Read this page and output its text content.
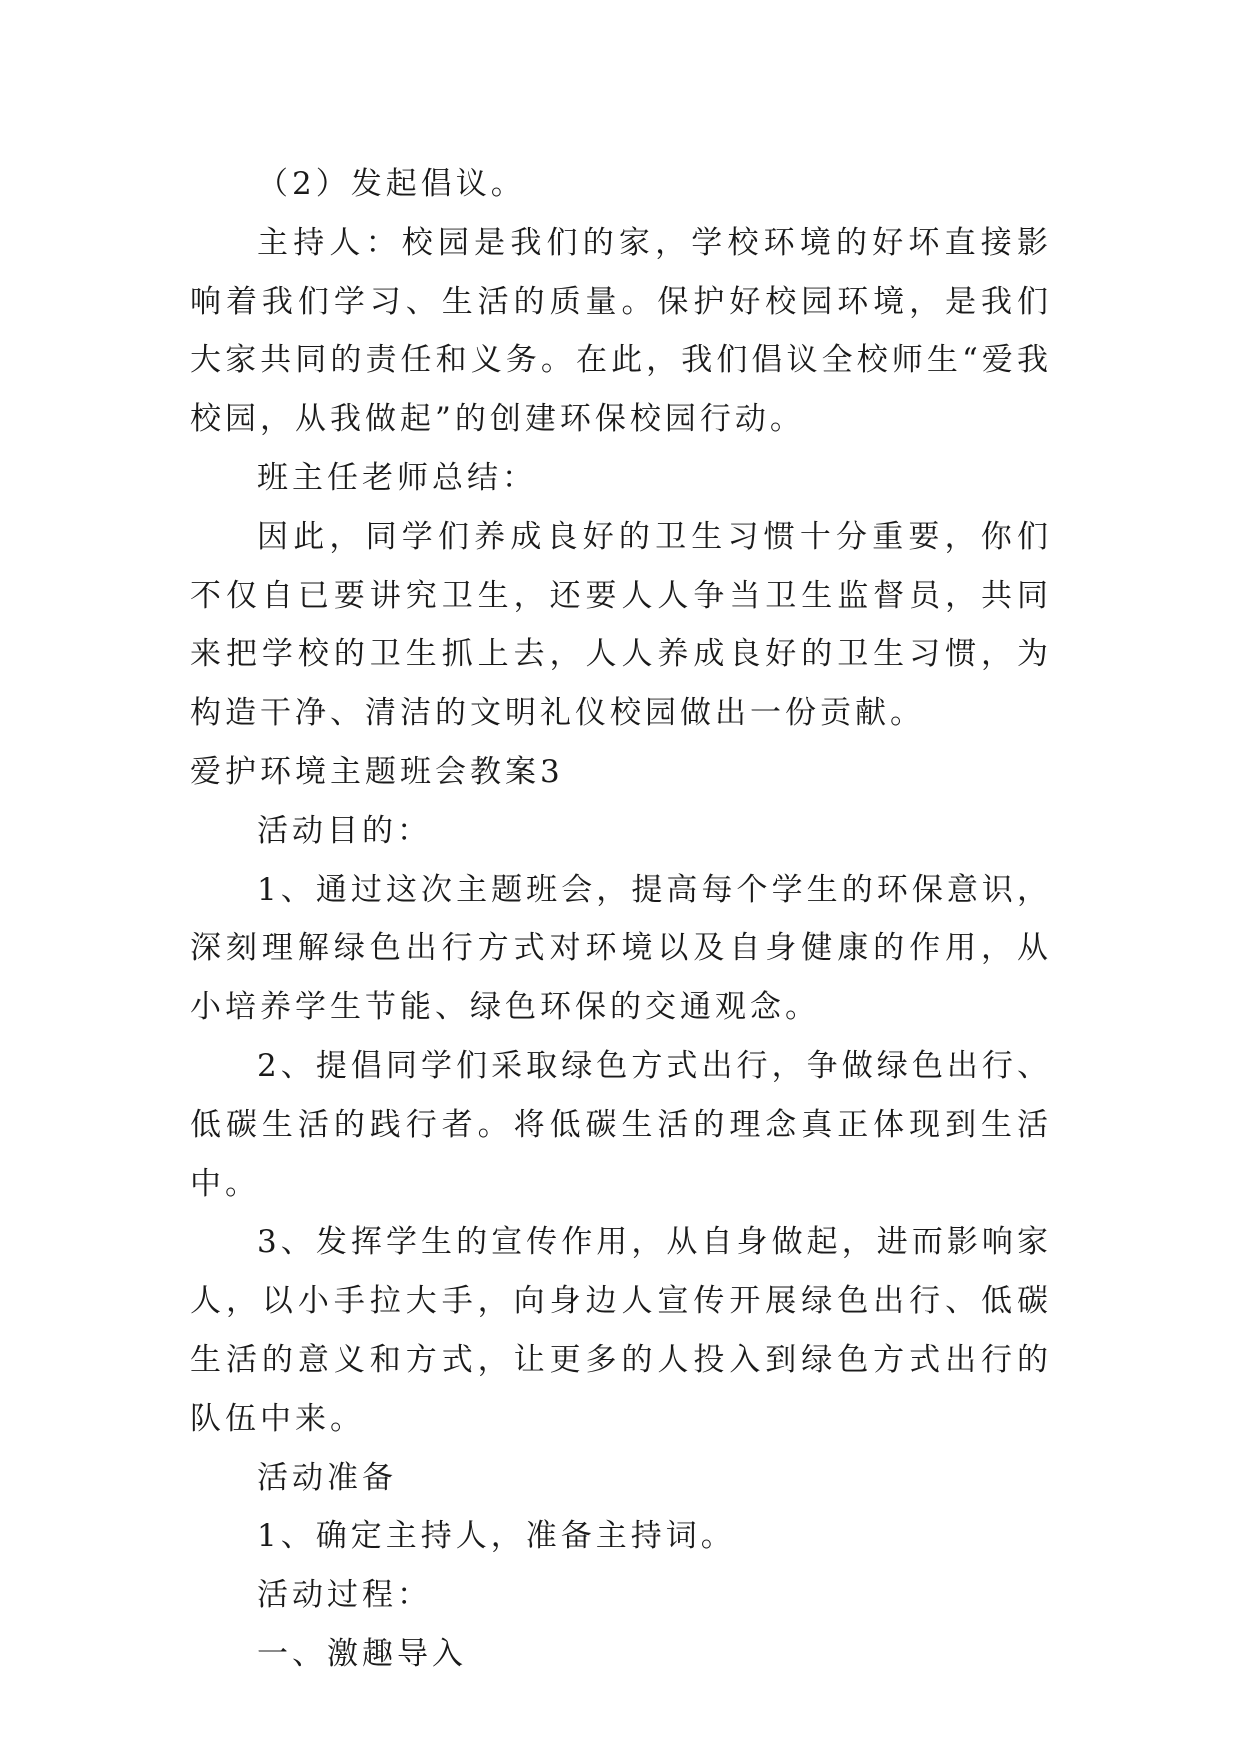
（2）发起倡议。

主持人：校园是我们的家，学校环境的好坏直接影响着我们学习、生活的质量。保护好校园环境，是我们大家共同的责任和义务。在此，我们倡议全校师生“爱我校园，从我做起”的创建环保校园行动。

班主任老师总结：

因此，同学们养成良好的卫生习惯十分重要，你们不仅自已要讲究卫生，还要人人争当卫生监督员，共同来把学校的卫生抓上去，人人养成良好的卫生习惯，为构造干净、清洁的文明礼仪校园做出一份贡献。

爱护环境主题班会教案3

活动目的：

1、通过这次主题班会，提高每个学生的环保意识，深刻理解绿色出行方式对环境以及自身健康的作用，从小培养学生节能、绿色环保的交通观念。

2、提倡同学们采取绿色方式出行，争做绿色出行、低碳生活的践行者。将低碳生活的理念真正体现到生活中。

3、发挥学生的宣传作用，从自身做起，进而影响家人，以小手拉大手，向身边人宣传开展绿色出行、低碳生活的意义和方式，让更多的人投入到绿色方式出行的队伍中来。

活动准备

1、确定主持人，准备主持词。

活动过程：

一、激趣导入
